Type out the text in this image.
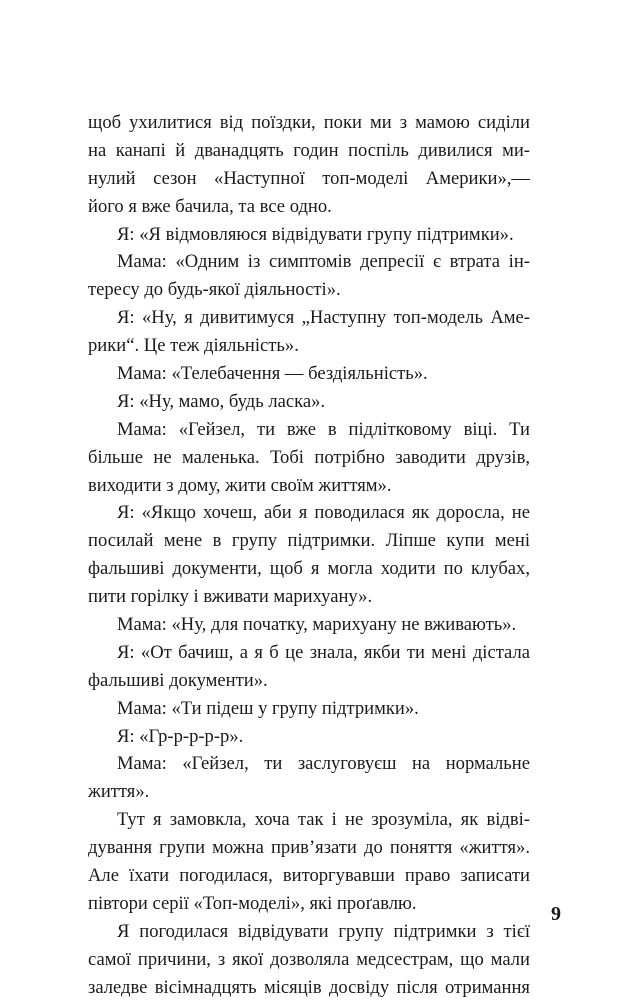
щоб ухилитися від поїздки, поки ми з мамою сиділи
на канапі й дванадцять годин поспіль дивилися ми-
нулий сезон «Наступної топ-моделі Америки»,—
його я вже бачила, та все одно.
Я: «Я відмовляюся відвідувати групу підтримки».
Мама: «Одним із симптомів депресії є втрата ін-
тересу до будь-якої діяльності».
Я: «Ну, я дивитимуся „Наступну топ-модель Аме-
рики“. Це теж діяльність».
Мама: «Телебачення — бездіяльність».
Я: «Ну, мамо, будь ласка».
Мама: «Гейзел, ти вже в підлітковому віці. Ти
більше не маленька. Тобі потрібно заводити друзів,
виходити з дому, жити своїм життям».
Я: «Якщо хочеш, аби я поводилася як доросла, не
посилай мене в групу підтримки. Ліпше купи мені
фальшиві документи, щоб я могла ходити по клубах,
пити горілку і вживати марихуану».
Мама: «Ну, для початку, марихуану не вживають».
Я: «От бачиш, а я б це знала, якби ти мені дістала
фальшиві документи».
Мама: «Ти підеш у групу підтримки».
Я: «Гр-р-р-р-р».
Мама: «Гейзел, ти заслуговуєш на нормальне
життя».
Тут я замовкла, хоча так і не зрозуміла, як відві-
дування групи можна прив’язати до поняття «життя».
Але їхати погодилася, виторгувавши право записати
півтори серії «Топ-моделі», які проґавлю.
Я погодилася відвідувати групу підтримки з тієї
самої причини, з якої дозволяла медсестрам, що мали
заледве вісімнадцять місяців досвіду після отримання
9
